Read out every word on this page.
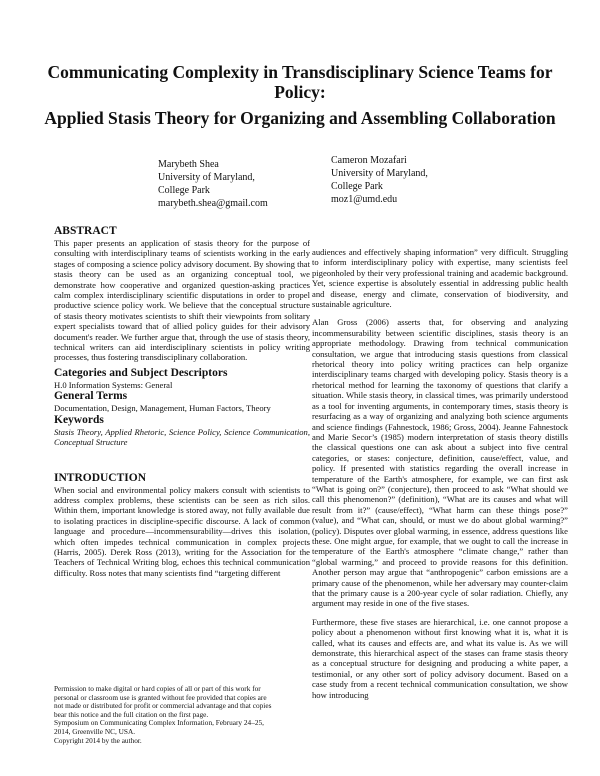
Communicating Complexity in Transdisciplinary Science Teams for Policy:
Applied Stasis Theory for Organizing and Assembling Collaboration
Marybeth Shea
University of Maryland,
College Park
marybeth.shea@gmail.com
Cameron Mozafari
University of Maryland,
College Park
moz1@umd.edu
ABSTRACT

This paper presents an application of stasis theory for the purpose of consulting with interdisciplinary teams of scientists working in the early stages of composing a science policy advisory document. By showing that stasis theory can be used as an organizing conceptual tool, we demonstrate how cooperative and organized question-asking practices calm complex interdisciplinary scientific disputations in order to propel productive science policy work. We believe that the conceptual structure of stasis theory motivates scientists to shift their viewpoints from solitary expert specialists toward that of allied policy guides for their advisory document's reader. We further argue that, through the use of stasis theory, technical writers can aid interdisciplinary scientists in policy writing processes, thus fostering transdisciplinary collaboration.

Categories and Subject Descriptors

H.0 Information Systems: General

General Terms

Documentation, Design, Management, Human Factors, Theory

Keywords

Stasis Theory, Applied Rhetoric, Science Policy, Science Communication, Conceptual Structure

INTRODUCTION

When social and environmental policy makers consult with scientists to address complex problems, these scientists can be seen as rich silos. Within them, important knowledge is stored away, not fully available due to isolating practices in discipline-specific discourse. A lack of common language and procedure—incommensurability—drives this isolation, which often impedes technical communication in complex projects (Harris, 2005). Derek Ross (2013), writing for the Association for the Teachers of Technical Writing blog, echoes this technical communication difficulty. Ross notes that many scientists find “targeting different

Permission to make digital or hard copies of all or part of this work for
personal or classroom use is granted without fee provided that copies are
not made or distributed for profit or commercial advantage and that copies
bear this notice and the full citation on the first page.
Symposium on Communicating Complex Information, February 24–25,
2014, Greenville NC, USA.
Copyright 2014 by the author.

audiences and effectively shaping information” very difficult. Struggling to inform interdisciplinary policy with expertise, many scientists feel pigeonholed by their very professional training and academic background. Yet, science expertise is absolutely essential in addressing public health and disease, energy and climate, conservation of biodiversity, and sustainable agriculture.

Alan Gross (2006) asserts that, for observing and analyzing incommensurability between scientific disciplines, stasis theory is an appropriate methodology. Drawing from technical communication consultation, we argue that introducing stasis questions from classical rhetorical theory into policy writing practices can help organize interdisciplinary teams charged with developing policy. Stasis theory is a rhetorical method for learning the taxonomy of questions that clarify a situation. While stasis theory, in classical times, was primarily understood as a tool for inventing arguments, in contemporary times, stasis theory is resurfacing as a way of organizing and analyzing both science arguments and science findings (Fahnestock, 1986; Gross, 2004). Jeanne Fahnestock and Marie Secor’s (1985) modern interpretation of stasis theory distills the classical questions one can ask about a subject into five central categories, or stases: conjecture, definition, cause/effect, value, and policy. If presented with statistics regarding the overall increase in temperature of the Earth's atmosphere, for example, we can first ask “What is going on?” (conjecture), then proceed to ask “What should we call this phenomenon?” (definition), “What are its causes and what will result from it?” (cause/effect), “What harm can these things pose?” (value), and “What can, should, or must we do about global warming?” (policy). Disputes over global warming, in essence, address questions like these. One might argue, for example, that we ought to call the increase in temperature of the Earth's atmosphere “climate change,” rather than “global warming,” and proceed to provide reasons for this definition. Another person may argue that “anthropogenic” carbon emissions are a primary cause of the phenomenon, while her adversary may counter-claim that the primary cause is a 200-year cycle of solar radiation. Chiefly, any argument may reside in one of the five stases.

Furthermore, these five stases are hierarchical, i.e. one cannot propose a policy about a phenomenon without first knowing what it is, what it is called, what its causes and effects are, and what its value is. As we will demonstrate, this hierarchical aspect of the stases can frame stasis theory as a conceptual structure for designing and producing a white paper, a testimonial, or any other sort of policy advisory document. Based on a case study from a recent technical communication consultation, we show how introducing
